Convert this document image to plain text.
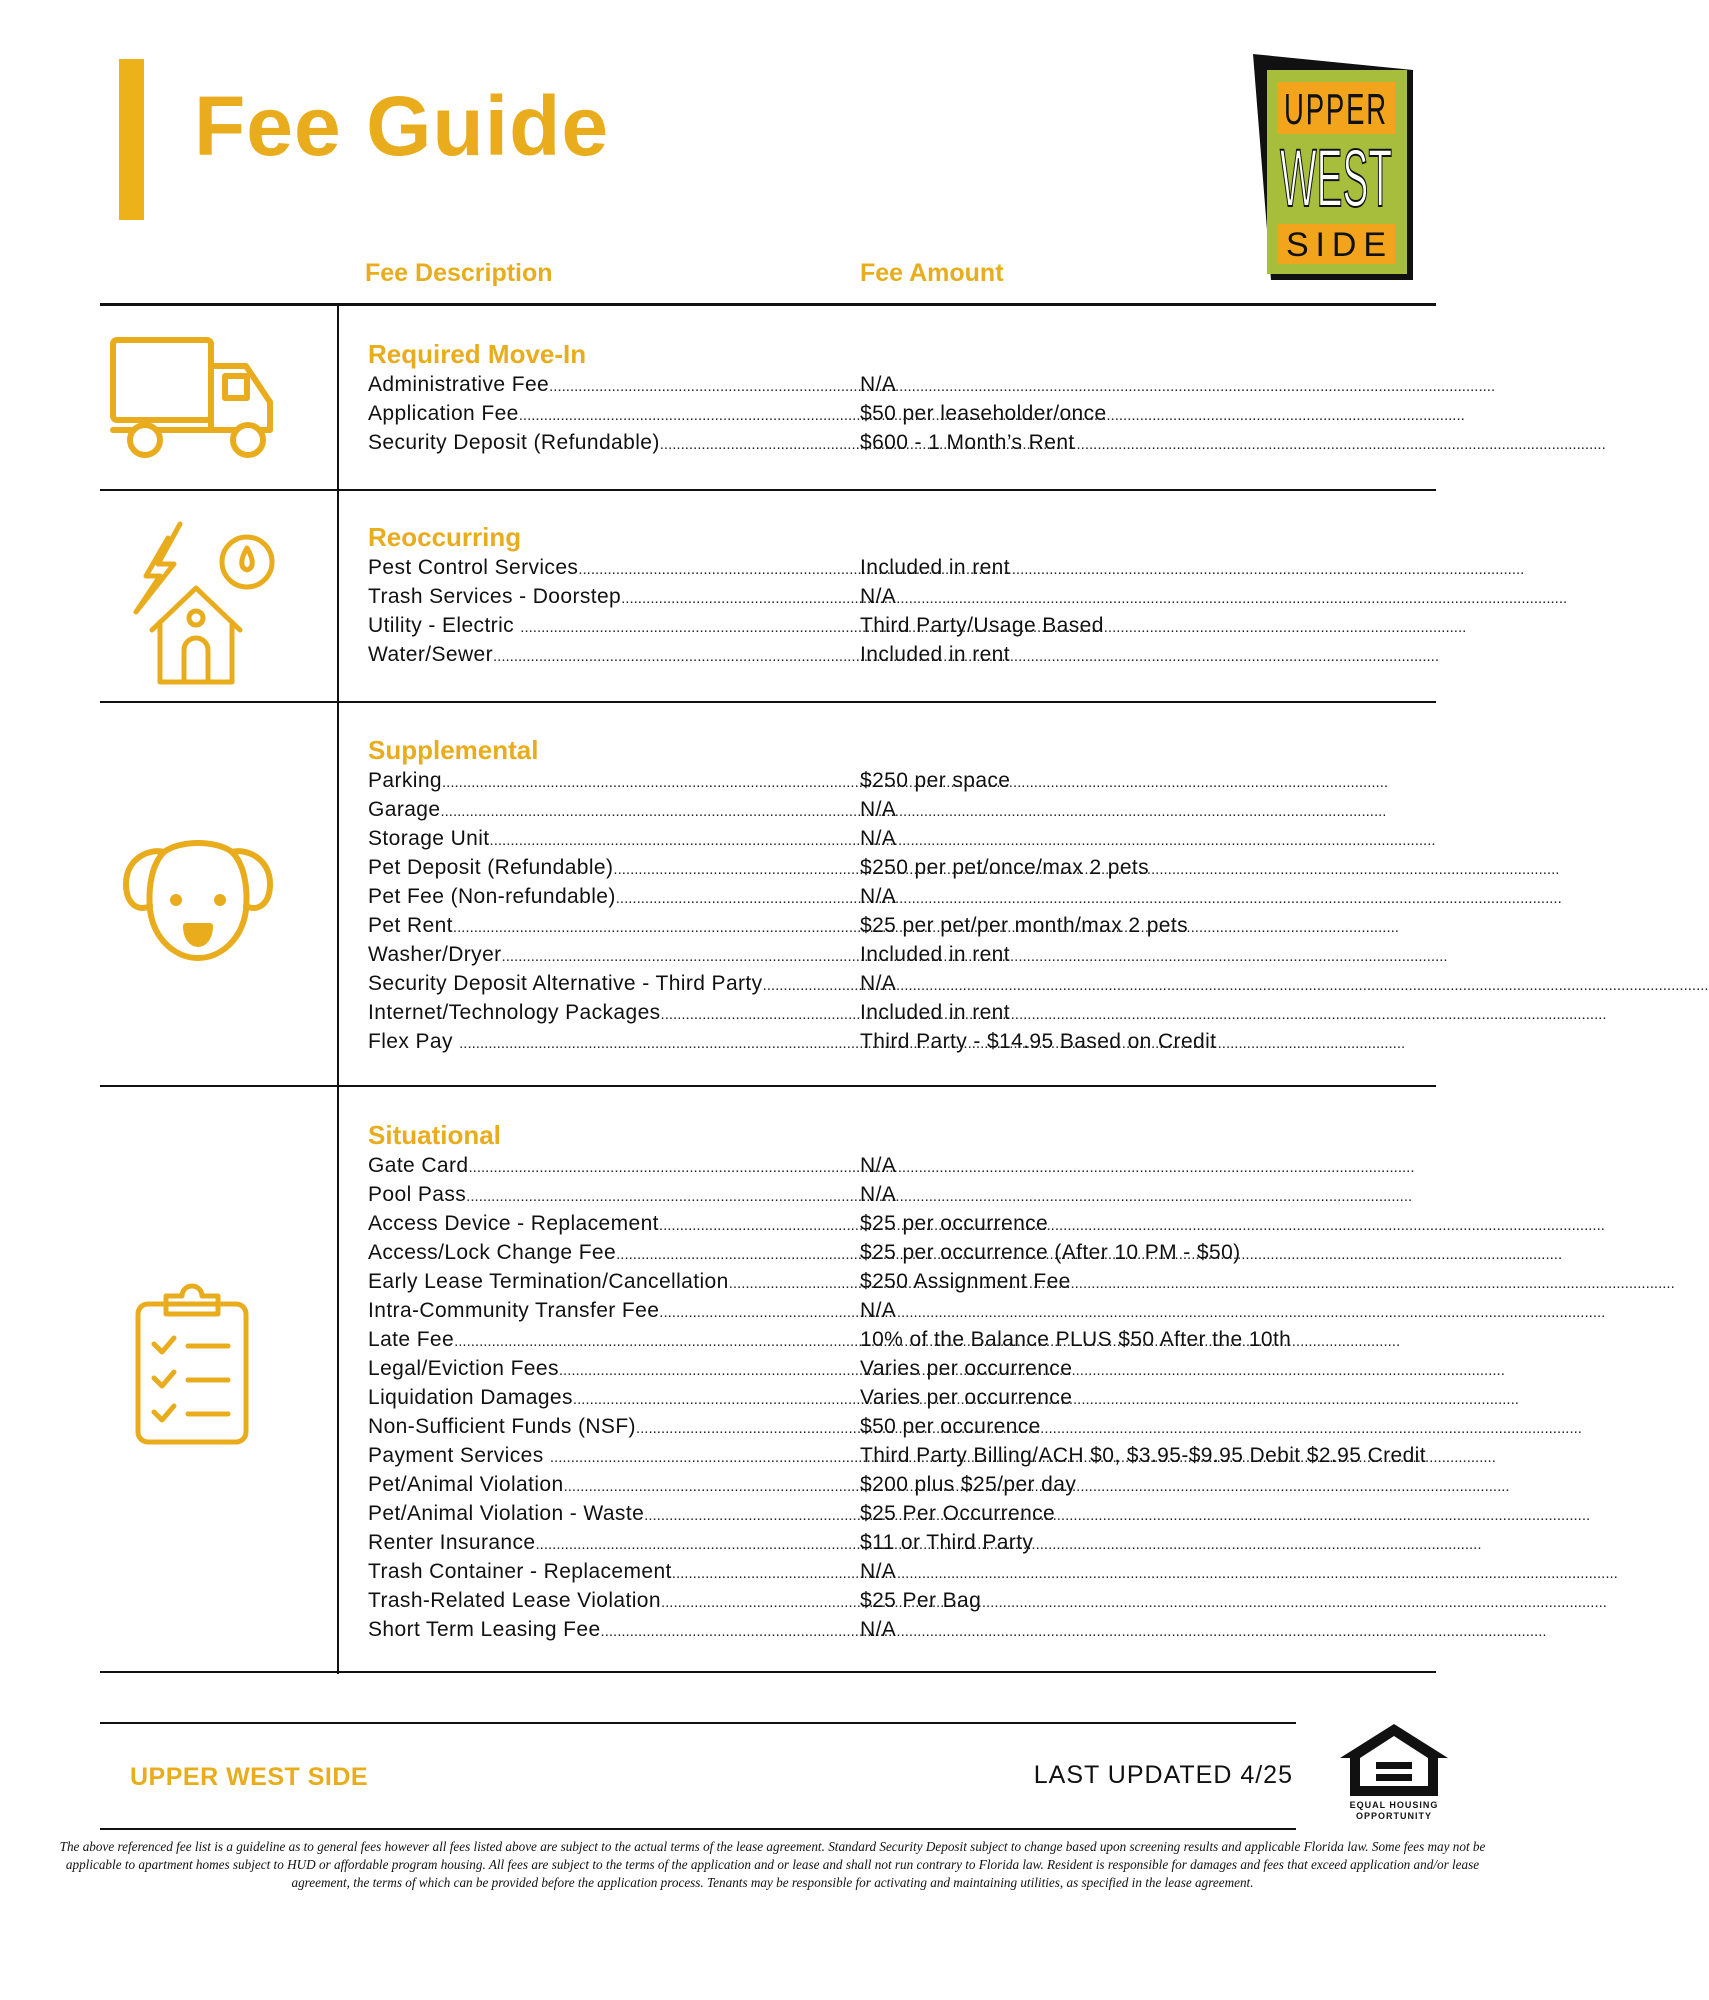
Fee Guide	UPPER
WEST
SIDE
Fee Description	Fee Amount
Required Move-In
Administrative Fee .....	N/A
Application Fee .....	$50 per leaseholder/once
Security Deposit (Refundable) .....	$600 - 1 Month’s Rent
Reoccurring
Pest Control Services .....	Included in rent
Trash Services - Doorstep .....	N/A
Utility - Electric .....	Third Party/Usage Based
Water/Sewer .....	Included in rent
Supplemental
Parking .....	$250 per space
Garage .....	N/A
Storage Unit .....	N/A
Pet Deposit (Refundable) .....	$250 per pet/once/max 2 pets
Pet Fee (Non-refundable) .....	N/A
Pet Rent .....	$25 per pet/per month/max 2 pets
Washer/Dryer .....	Included in rent
Security Deposit Alternative - Third Party .....	N/A
Internet/Technology Packages .....	Included in rent
Flex Pay .....	Third Party - $14.95 Based on Credit
Situational
Gate Card .....	N/A
Pool Pass .....	N/A
Access Device - Replacement .....	$25 per occurrence
Access/Lock Change Fee .....	$25 per occurrence (After 10 PM - $50)
Early Lease Termination/Cancellation .....	$250 Assignment Fee
Intra-Community Transfer Fee .....	N/A
Late Fee .....	10% of the Balance PLUS $50 After the 10th
Legal/Eviction Fees .....	Varies per occurrence
Liquidation Damages .....	Varies per occurrence
Non-Sufficient Funds (NSF) .....	$50 per occurence
Payment Services .....	Third Party Billing/ACH $0, $3.95-$9.95 Debit $2.95 Credit
Pet/Animal Violation .....	$200 plus $25/per day
Pet/Animal Violation - Waste .....	$25 Per Occurrence
Renter Insurance .....	$11 or Third Party
Trash Container - Replacement .....	N/A
Trash-Related Lease Violation .....	$25 Per Bag
Short Term Leasing Fee .....	N/A
UPPER WEST SIDE	LAST UPDATED 4/25
EQUAL HOUSING
OPPORTUNITY
The above referenced fee list is a guideline as to general fees however all fees listed above are subject to the actual terms of the lease agreement. Standard Security Deposit subject to change based upon screening results and applicable Florida law. Some fees may not be applicable to apartment homes subject to HUD or affordable program housing. All fees are subject to the terms of the application and or lease and shall not run contrary to Florida law. Resident is responsible for damages and fees that exceed application and/or lease agreement, the terms of which can be provided before the application process. Tenants may be responsible for activating and maintaining utilities, as specified in the lease agreement.
